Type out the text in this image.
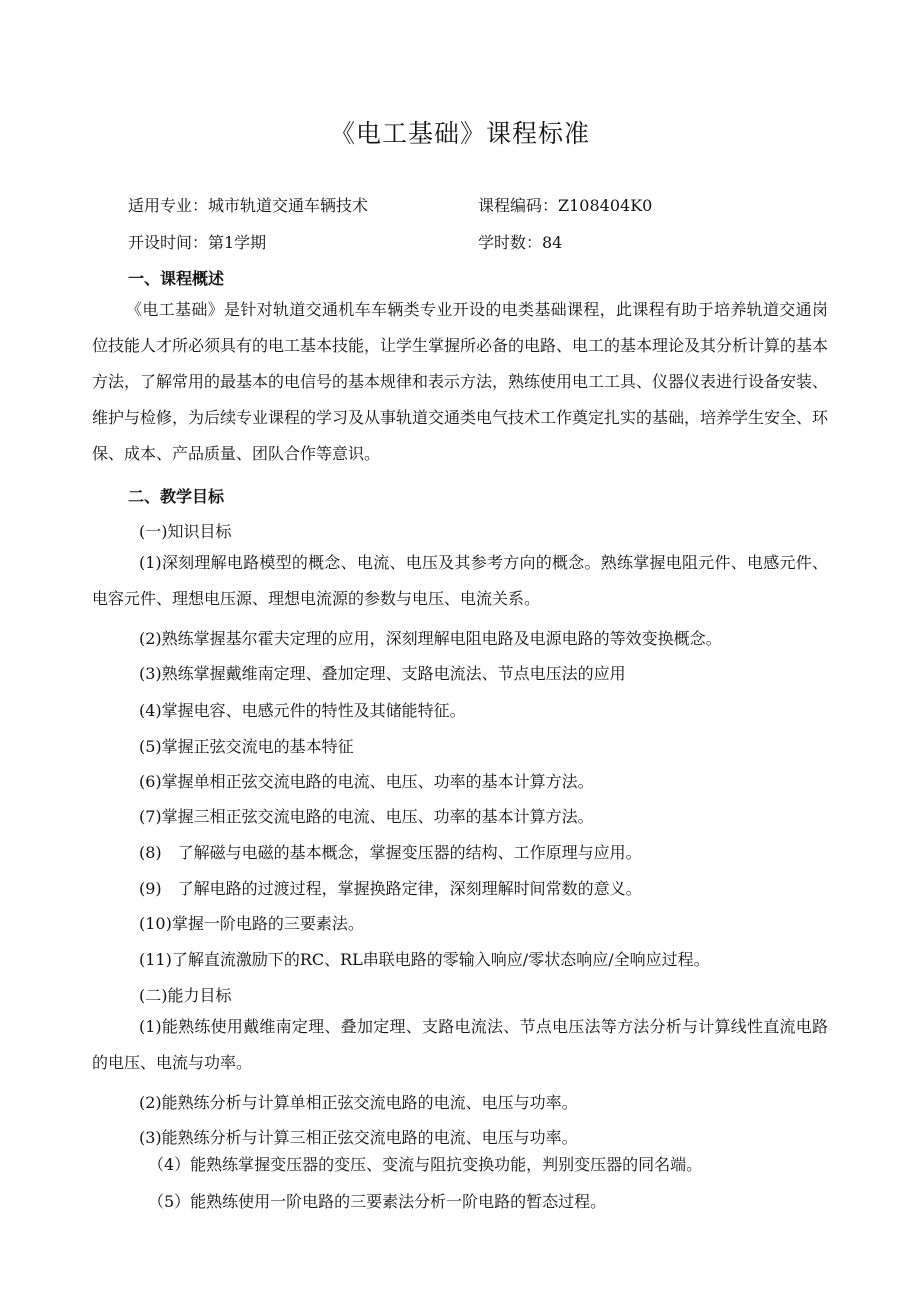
《电工基础》课程标准
适用专业：城市轨道交通车辆技术	课程编码：Z108404K0
开设时间：第1学期	学时数：84
一、课程概述

《电工基础》是针对轨道交通机车车辆类专业开设的电类基础课程，此课程有助于培养轨道交通岗位技能人才所必须具有的电工基本技能，让学生掌握所必备的电路、电工的基本理论及其分析计算的基本方法，了解常用的最基本的电信号的基本规律和表示方法，熟练使用电工工具、仪器仪表进行设备安装、维护与检修，为后续专业课程的学习及从事轨道交通类电气技术工作奠定扎实的基础，培养学生安全、环保、成本、产品质量、团队合作等意识。

二、教学目标
(一)知识目标

(1)深刻理解电路模型的概念、电流、电压及其参考方向的概念。熟练掌握电阻元件、电感元件、电容元件、理想电压源、理想电流源的参数与电压、电流关系。

(2)熟练掌握基尔霍夫定理的应用，深刻理解电阻电路及电源电路的等效变换概念。
(3)熟练掌握戴维南定理、叠加定理、支路电流法、节点电压法的应用
(4)掌握电容、电感元件的特性及其储能特征。
(5)掌握正弦交流电的基本特征
(6)掌握单相正弦交流电路的电流、电压、功率的基本计算方法。
(7)掌握三相正弦交流电路的电流、电压、功率的基本计算方法。
(8)　了解磁与电磁的基本概念，掌握变压器的结构、工作原理与应用。
(9)　了解电路的过渡过程，掌握换路定律，深刻理解时间常数的意义。
(10)掌握一阶电路的三要素法。
(11)了解直流激励下的RC、RL串联电路的零输入响应/零状态响应/全响应过程。
(二)能力目标

(1)能熟练使用戴维南定理、叠加定理、支路电流法、节点电压法等方法分析与计算线性直流电路的电压、电流与功率。

(2)能熟练分析与计算单相正弦交流电路的电流、电压与功率。
(3)能熟练分析与计算三相正弦交流电路的电流、电压与功率。
（4）能熟练掌握变压器的变压、变流与阻抗变换功能，判别变压器的同名端。
（5）能熟练使用一阶电路的三要素法分析一阶电路的暂态过程。
